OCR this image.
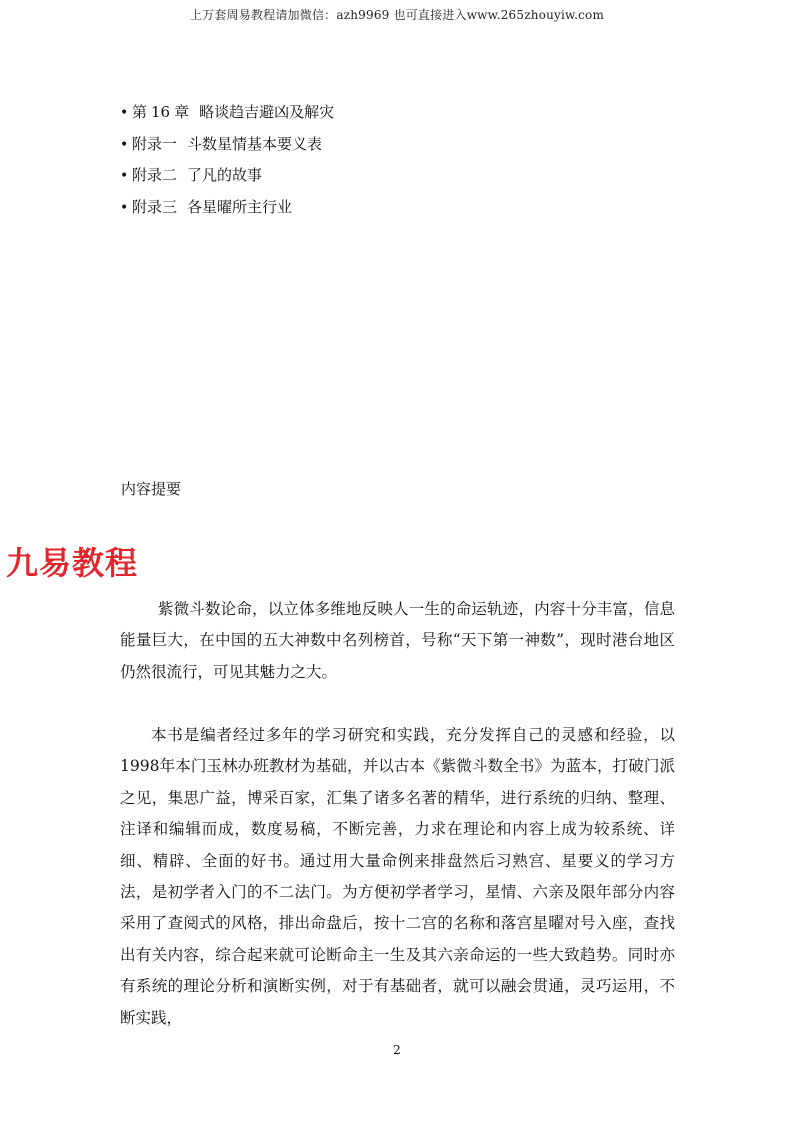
上万套周易教程请加微信：azh9969 也可直接进入www.265zhouyiw.com
• 第 16 章 略谈趋吉避凶及解灾
• 附录一 斗数星情基本要义表
• 附录二 了凡的故事
• 附录三 各星曜所主行业
内容提要
九易教程

紫微斗数论命，以立体多维地反映人一生的命运轨迹，内容十分丰富，信息能量巨大，在中国的五大神数中名列榜首，号称“天下第一神数”，现时港台地区仍然很流行，可见其魅力之大。

本书是编者经过多年的学习研究和实践，充分发挥自己的灵感和经验，以1998年本门玉林办班教材为基础，并以古本《紫微斗数全书》为蓝本，打破门派之见，集思广益，博采百家，汇集了诸多名著的精华，进行系统的归纳、整理、注译和编辑而成，数度易稿，不断完善，力求在理论和内容上成为较系统、详细、精辟、全面的好书。通过用大量命例来排盘然后习熟宫、星要义的学习方法，是初学者入门的不二法门。为方便初学者学习，星情、六亲及限年部分内容采用了查阅式的风格，排出命盘后，按十二宫的名称和落宫星曜对号入座，查找出有关内容，综合起来就可论断命主一生及其六亲命运的一些大致趋势。同时亦有系统的理论分析和演断实例，对于有基础者，就可以融会贯通，灵巧运用，不断实践，

2
